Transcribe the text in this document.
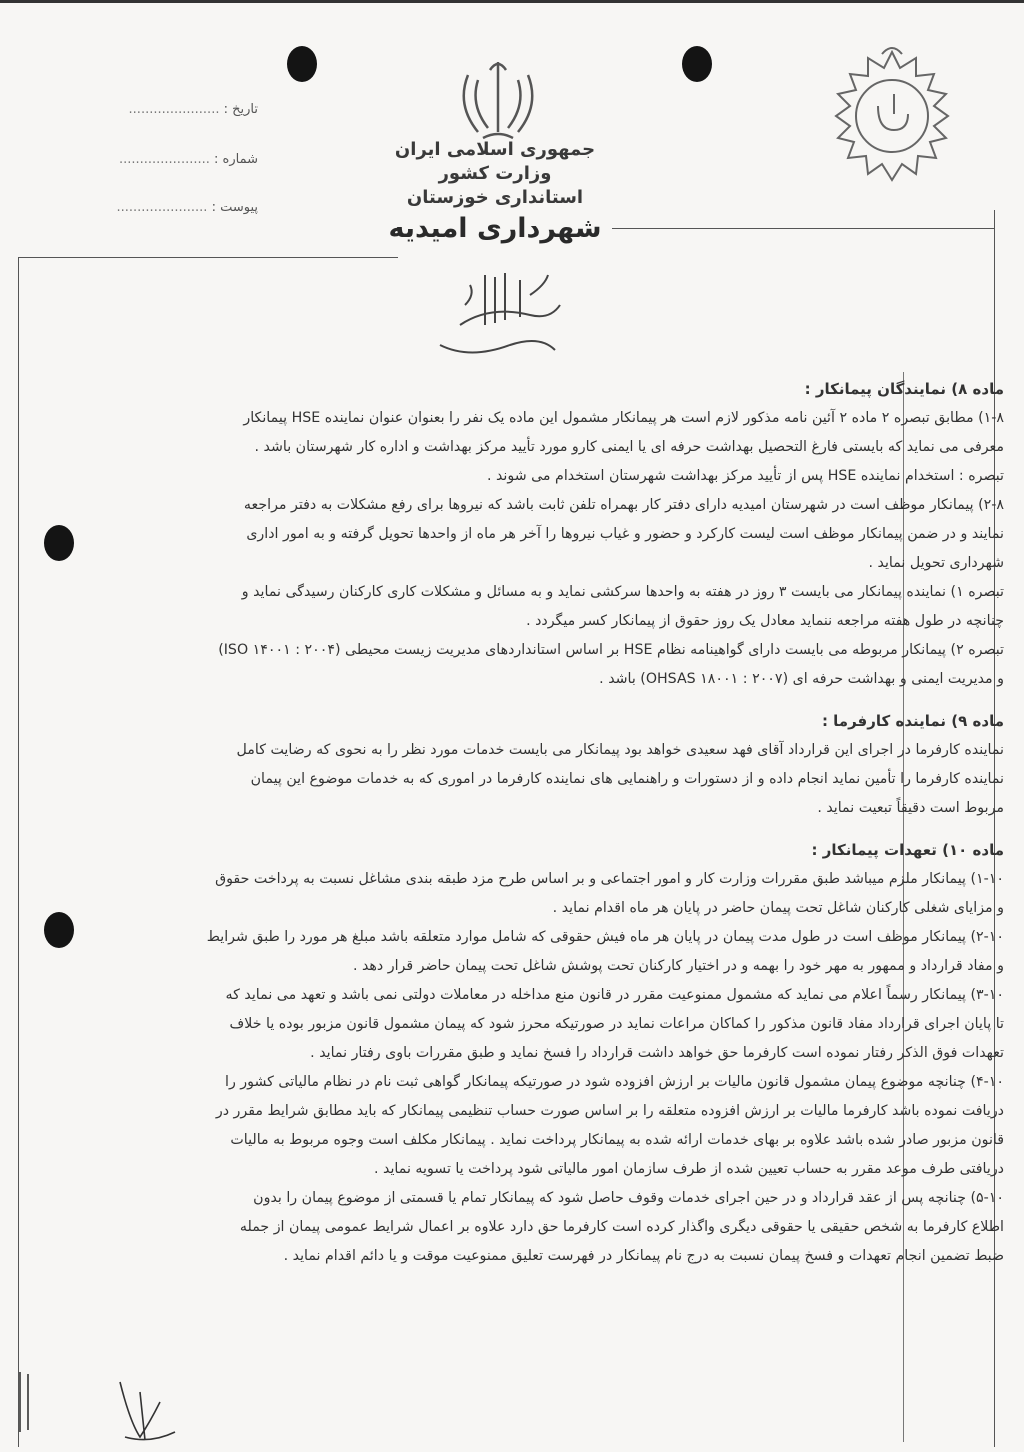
تاریخ : ......................
شماره : ......................
پیوست : ......................
جمهوری اسلامی ایران
وزارت کشور
استانداری خوزستان
شهرداری امیدیه
ماده ۸) نمایندگان پیمانکار :
۱-۸) مطابق تبصره ۲ ماده ۲ آئین نامه مذکور لازم است هر پیمانکار مشمول این ماده یک نفر را بعنوان عنوان نماینده HSE پیمانکار
معرفی می نماید که بایستی فارغ التحصیل بهداشت حرفه ای یا ایمنی کارو مورد تأیید مرکز بهداشت و اداره کار شهرستان باشد .
تبصره : استخدام نماینده HSE پس از تأیید مرکز بهداشت شهرستان استخدام می شوند .
۲-۸) پیمانکار موظف است در شهرستان امیدیه دارای دفتر کار بهمراه تلفن ثابت باشد که نیروها برای رفع مشکلات به دفتر مراجعه
نمایند و در ضمن پیمانکار موظف است لیست کارکرد و حضور و غیاب نیروها را آخر هر ماه از واحدها تحویل گرفته و به امور اداری
شهرداری تحویل نماید .
تبصره ۱) نماینده پیمانکار می بایست ۳ روز در هفته به واحدها سرکشی نماید و به مسائل و مشکلات کاری کارکنان رسیدگی نماید و
چنانچه در طول هفته مراجعه ننماید معادل یک روز حقوق از پیمانکار کسر میگردد .
تبصره ۲) پیمانکار مربوطه می بایست دارای گواهینامه نظام HSE بر اساس استانداردهای مدیریت زیست محیطی (ISO ۱۴۰۰۱ : ۲۰۰۴)
و مدیریت ایمنی و بهداشت حرفه ای (OHSAS ۱۸۰۰۱ : ۲۰۰۷) باشد .
ماده ۹) نماینده کارفرما :
نماینده کارفرما در اجرای این قرارداد آقای فهد سعیدی خواهد بود پیمانکار می بایست خدمات مورد نظر را به نحوی که رضایت کامل
نماینده کارفرما را تأمین نماید انجام داده و از دستورات و راهنمایی های نماینده کارفرما در اموری که به خدمات موضوع این پیمان
مربوط است دقیقاً تبعیت نماید .
ماده ۱۰) تعهدات پیمانکار :
۱-۱۰) پیمانکار ملزم میباشد طبق مقررات وزارت کار و امور اجتماعی و بر اساس طرح مزد طبقه بندی مشاغل نسبت به پرداخت حقوق
و مزایای شغلی کارکنان شاغل تحت پیمان حاضر در پایان هر ماه اقدام نماید .
۲-۱۰) پیمانکار موظف است در طول مدت پیمان در پایان هر ماه فیش حقوقی که شامل موارد متعلقه باشد مبلغ هر مورد را طبق شرایط
و مفاد قرارداد و ممهور به مهر خود را بهمه و در اختیار کارکنان تحت پوشش شاغل تحت پیمان حاضر قرار دهد .
۳-۱۰) پیمانکار رسماً اعلام می نماید که مشمول ممنوعیت مقرر در قانون منع مداخله در معاملات دولتی نمی باشد و تعهد می نماید که
تا پایان اجرای قرارداد مفاد قانون مذکور را کماکان مراعات نماید در صورتیکه محرز شود که پیمان مشمول قانون مزبور بوده یا خلاف
تعهدات فوق الذکر رفتار نموده است کارفرما حق خواهد داشت قرارداد را فسخ نماید و طبق مقررات باوی رفتار نماید .
۴-۱۰) چنانچه موضوع پیمان مشمول قانون مالیات بر ارزش افزوده شود در صورتیکه پیمانکار گواهی ثبت نام در نظام مالیاتی کشور را
دریافت نموده باشد کارفرما مالیات بر ارزش افزوده متعلقه را بر اساس صورت حساب تنظیمی پیمانکار که باید مطابق شرایط مقرر در
قانون مزبور صادر شده باشد علاوه بر بهای خدمات ارائه شده به پیمانکار پرداخت نماید . پیمانکار مکلف است وجوه مربوط به مالیات
دریافتی طرف موعد مقرر به حساب تعیین شده از طرف سازمان امور مالیاتی شود پرداخت یا تسویه نماید .
۵-۱۰) چنانچه پس از عقد قرارداد و در حین اجرای خدمات وقوف حاصل شود که پیمانکار تمام یا قسمتی از موضوع پیمان را بدون
اطلاع کارفرما به شخص حقیقی یا حقوقی دیگری واگذار کرده است کارفرما حق دارد علاوه بر اعمال شرایط عمومی پیمان از جمله
ضبط تضمین انجام تعهدات و فسخ پیمان نسبت به درج نام پیمانکار در فهرست تعلیق ممنوعیت موقت و یا دائم اقدام نماید .
